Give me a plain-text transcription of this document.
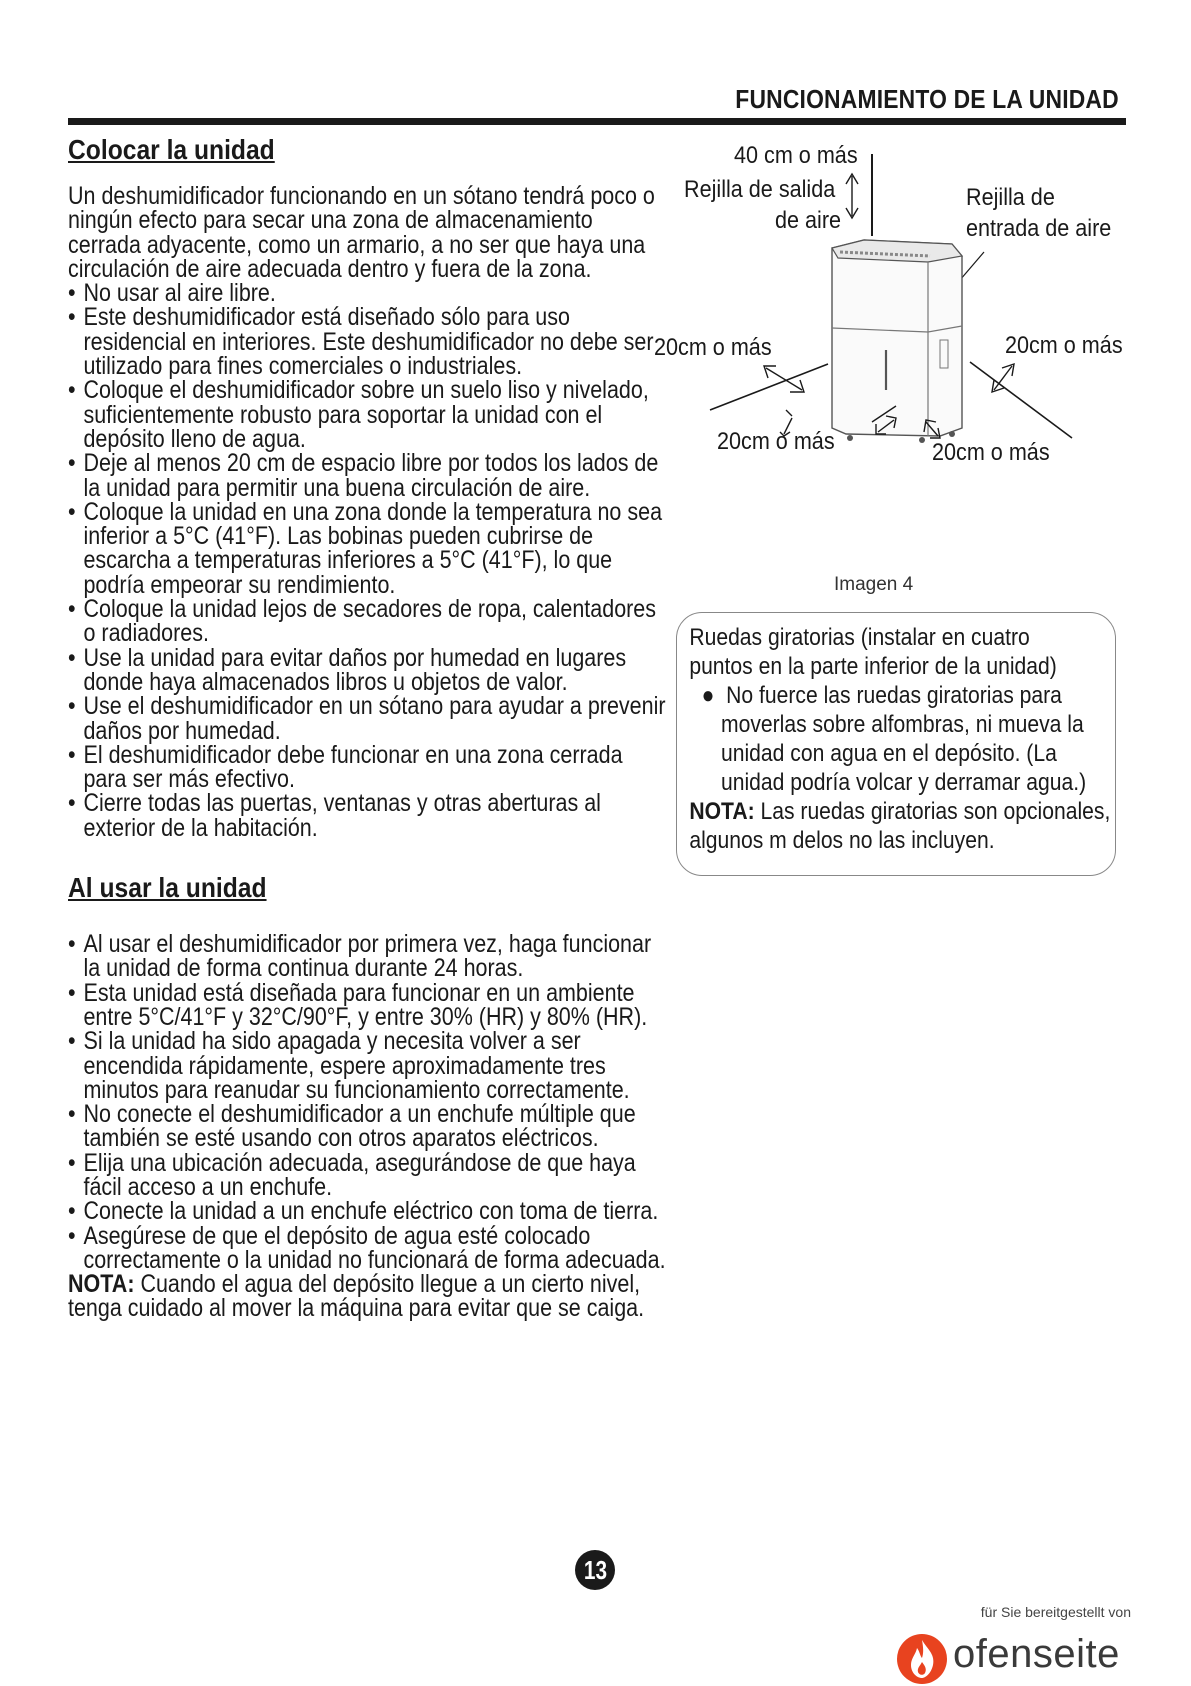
FUNCIONAMIENTO DE LA UNIDAD
Colocar la unidad

Un deshumidificador funcionando en un sótano tendrá poco o ningún efecto para secar una zona de almacenamiento cerrada adyacente, como un armario, a no ser que haya una circulación de aire adecuada dentro y fuera de la zona.

• No usar al aire libre.
• Este deshumidificador está diseñado sólo para uso residencial en interiores. Este deshumidificador no debe ser utilizado para fines comerciales o industriales.
• Coloque el deshumidificador sobre un suelo liso y nivelado, suficientemente robusto para soportar la unidad con el depósito lleno de agua.
• Deje al menos 20 cm de espacio libre por todos los lados de la unidad para permitir una buena circulación de aire.
• Coloque la unidad en una zona donde la temperatura no sea inferior a 5°C (41°F). Las bobinas pueden cubrirse de escarcha a temperaturas inferiores a 5°C (41°F), lo que podría empeorar su rendimiento.
• Coloque la unidad lejos de secadores de ropa, calentadores o radiadores.
• Use la unidad para evitar daños por humedad en lugares donde haya almacenados libros u objetos de valor.
• Use el deshumidificador en un sótano para ayudar a prevenir daños por humedad.
• El deshumidificador debe funcionar en una zona cerrada para ser más efectivo.
• Cierre todas las puertas, ventanas y otras aberturas al exterior de la habitación.
Al usar la unidad
• Al usar el deshumidificador por primera vez, haga funcionar la unidad de forma continua durante 24 horas.
• Esta unidad está diseñada para funcionar en un ambiente entre 5°C/41°F y 32°C/90°F, y entre 30% (HR) y 80% (HR).
• Si la unidad ha sido apagada y necesita volver a ser encendida rápidamente, espere aproximadamente tres minutos para reanudar su funcionamiento correctamente.
• No conecte el deshumidificador a un enchufe múltiple que también se esté usando con otros aparatos eléctricos.
• Elija una ubicación adecuada, asegurándose de que haya fácil acceso a un enchufe.
• Conecte la unidad a un enchufe eléctrico con toma de tierra.
• Asegúrese de que el depósito de agua esté colocado correctamente o la unidad no funcionará de forma adecuada.

NOTA: Cuando el agua del depósito llegue a un cierto nivel, tenga cuidado al mover la máquina para evitar que se caiga.

40 cm o más
Rejilla de salida
de aire
Rejilla de
entrada de aire
20cm o más	20cm o más
20cm o más	20cm o más
Imagen 4

Ruedas giratorias (instalar en cuatro

puntos en la parte inferior de la unidad)

●  No fuerce las ruedas giratorias para moverlas sobre alfombras, ni mueva la unidad con agua en el depósito. (La unidad podría volcar y derramar agua.)

NOTA: Las ruedas giratorias son opcionales, algunos m delos no las incluyen.

13
für Sie bereitgestellt von
ofenseite
